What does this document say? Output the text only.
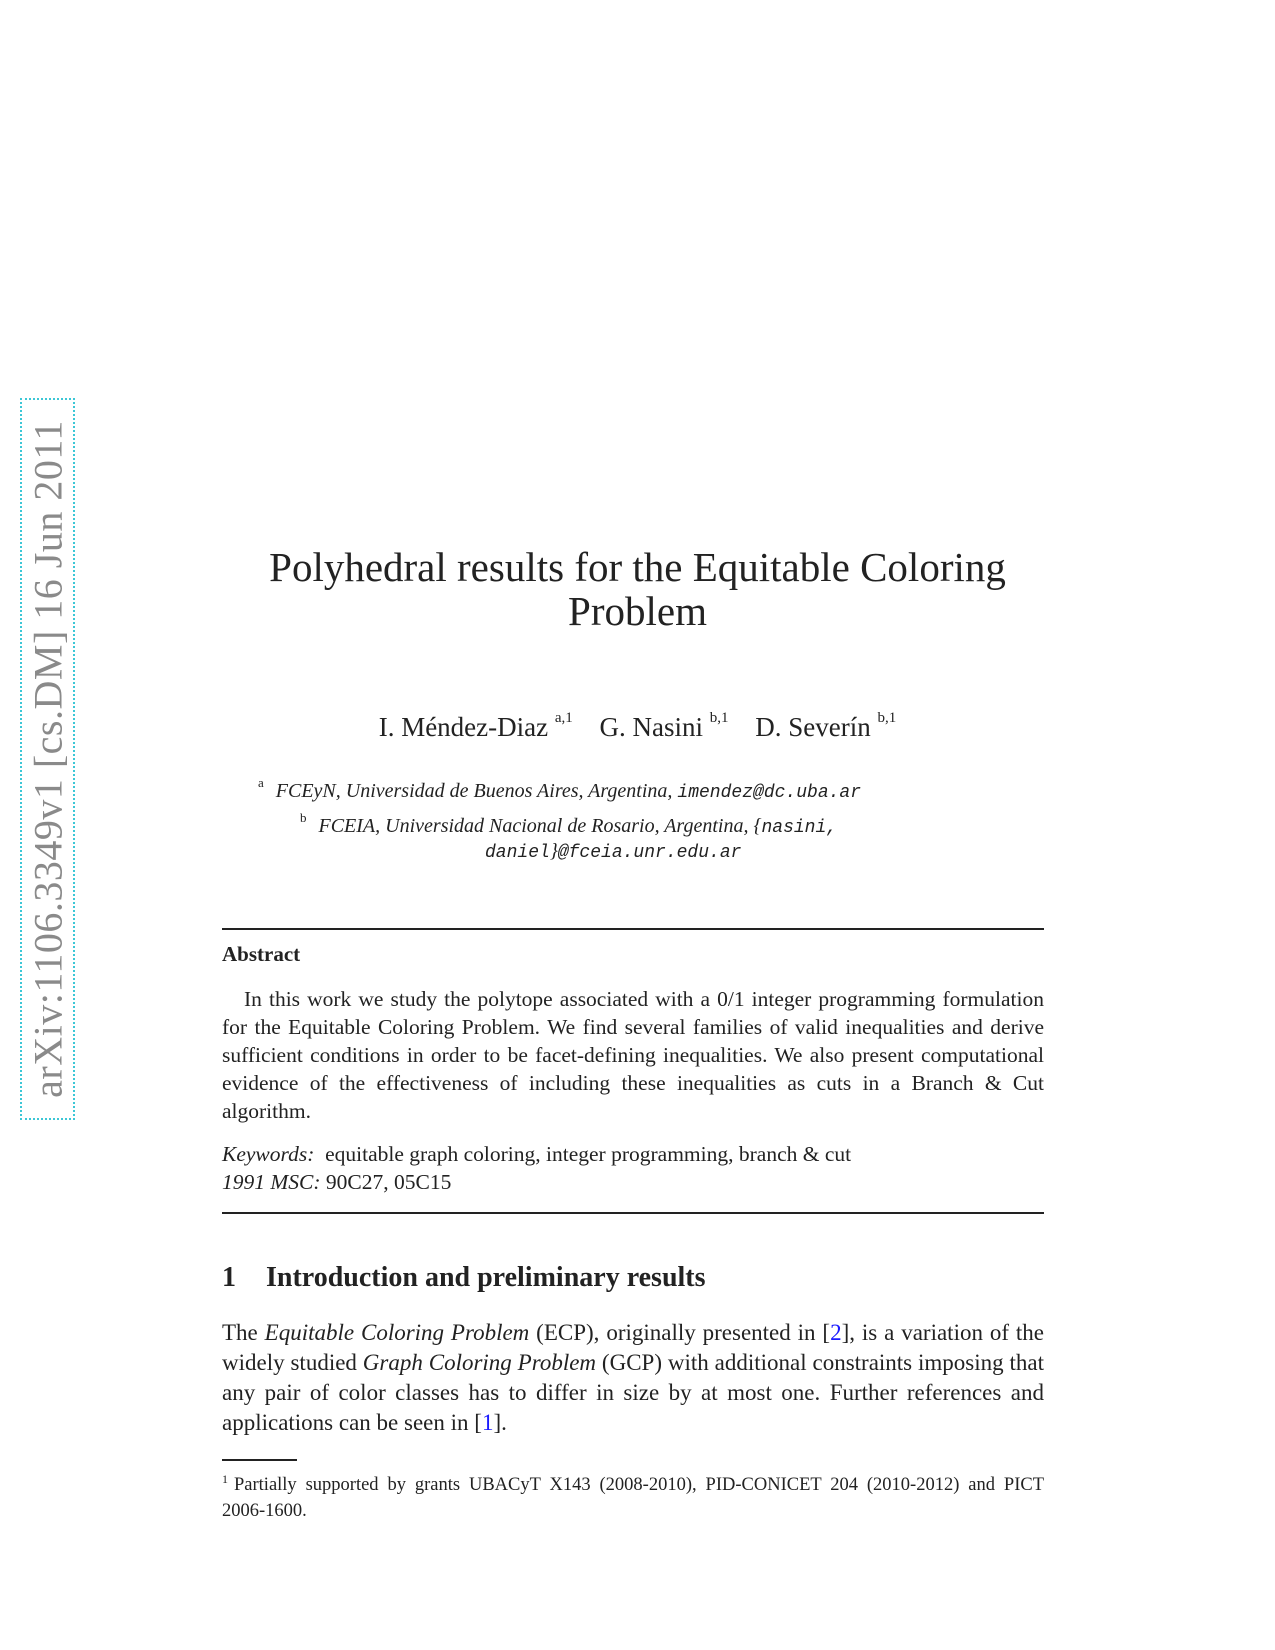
arXiv:1106.3349v1 [cs.DM] 16 Jun 2011	Polyhedral results for the Equitable Coloring
Problem
I. Méndez-Diaz $^{a,1}$ G. Nasini $^{b,1}$ D. Severín $^{b,1}$
$^a$ FCEyN, Universidad de Buenos Aires, Argentina, imendez@dc.uba.ar
$^b$ FCEIA, Universidad Nacional de Rosario, Argentina, {nasini,
daniel}@fceia.unr.edu.ar
Abstract
In this work we study the polytope associated with a 0/1 integer programming formulation for the Equitable Coloring Problem. We find several families of valid inequalities and derive sufficient conditions in order to be facet-defining inequalities. We also present computational evidence of the effectiveness of including these inequalities as cuts in a Branch & Cut algorithm.
Keywords: equitable graph coloring, integer programming, branch & cut
1991 MSC: 90C27, 05C15
1 Introduction and preliminary results
The Equitable Coloring Problem (ECP), originally presented in [2], is a variation of the widely studied Graph Coloring Problem (GCP) with additional constraints imposing that any pair of color classes has to differ in size by at most one. Further references and applications can be seen in [1].
$^1$ Partially supported by grants UBACyT X143 (2008-2010), PID-CONICET 204 (2010-2012) and PICT 2006-1600.
